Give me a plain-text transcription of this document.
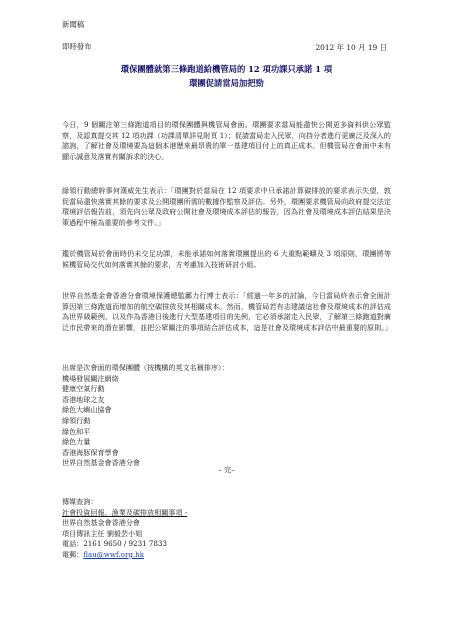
新聞稿
即時發布	2012 年 10 月 19 日
環保團體就第三條跑道給機管局的 12 項功課只承諾 1 項
環團促請當局加把勁
今日，9 個關注第三條跑道項目的環保團體與機管局會面。環團要求當局能盡快公開更多資料供公眾監察，及認真提交其 12 項功課（功課清單詳見附頁 1）；促請當局走入民眾，向持分者進行更廣泛及深入的諮詢，了解社會及環境要為這個本港歷來最昂貴的單一基建項目付上的真正成本。但機管局在會面中未有顯示誠意及落實有關訴求的決心。
綠領行動總幹事何漢威先生表示：「環團對於當局在 12 項要求中只承諾計算碳排放的要求表示失望，敦促當局盡快落實其餘的要求及公開環團所需的數據作監察及評估。另外，環團要求機管局向政府提交法定環境評估報告前，須先向公眾及政府公開社會及環境成本評估的報告，因為社會及環境成本評估結果是決策過程中極為重要的參考文件。」
鑑於機管局於會面時仍未交足功課，未能承諾如何落實環團提出的 6 大重點範疇及 3 項原則，環團將等候機管局交代如何落實其餘的要求，方考慮加入技術研討小組。
世界自然基金會香港分會環境保護總監鄺力行博士表示：「經過一年多的討論，今日當局終表示會全面計算因第三條跑道而增加的航空碳排放及其相關成本。然而，機管局若有志建議這社會及環境成本的評估成為世界級範例，以及作為香港日後進行大型基建項目的先例，它必須承諾走入民眾，了解第三條跑道對廣泛市民帶來的潛在影響，並把公眾關注的事項結合評估成本，這是社會及環境成本評估中最重要的原則。」
出席是次會面的環保團體（按機構的英文名稱排序）：
機場發展關注網絡
健康空氣行動
香港地球之友
綠色大嶼山協會
綠領行動
綠色和平
綠色力量
香港海豚保育學會
世界自然基金會香港分會
– 完–
傳媒查詢：
社會投資回報、漁業及碳排放相關事項 -
世界自然基金會香港分會
項目傳訊主任 劉毅芸小姐
電話：2161 9650 / 9231 7833
電郵：flau@wwf.org.hk
